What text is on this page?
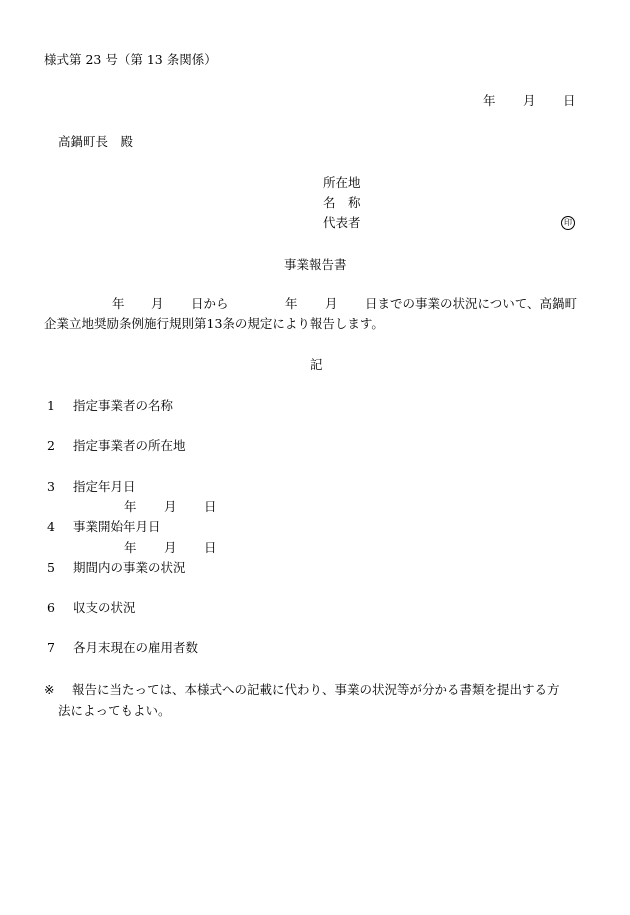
様式第 23 号（第 13 条関係）
年 月 日
高鍋町長　殿
所在地
名　称
代表者	印
事業報告書
年 月 日から	年 月 日までの事業の状況について、高鍋町
企業立地奨励条例施行規則第13条の規定により報告します。
記
1 指定事業者の名称
2 指定事業者の所在地
3 指定年月日
年 月 日
4 事業開始年月日
年 月 日
5 期間内の事業の状況
6 収支の状況
7 各月末現在の雇用者数
※ 報告に当たっては、本様式への記載に代わり、事業の状況等が分かる書類を提出する方
法によってもよい。
